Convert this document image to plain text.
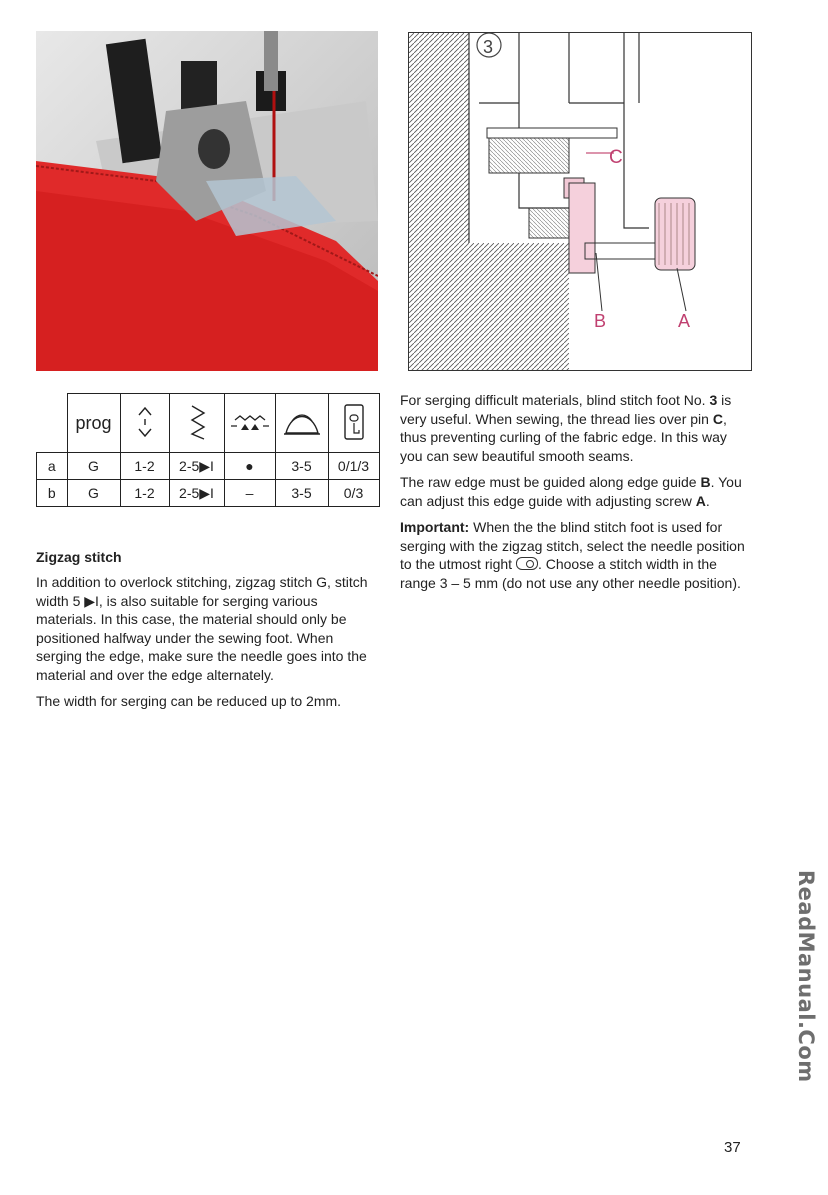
3
C
B	A
	prog					
a	G	1-2	2-5▶I	●	3-5	0/1/3
b	G	1-2	2-5▶I	–	3-5	0/3
Zigzag stitch

In addition to overlock stitching, zigzag stitch G, stitch width 5 ▶I, is also suitable for serging various materials. In this case, the material should only be positioned halfway under the sewing foot. When serging the edge, make sure the needle goes into the material and over the edge alternately.

The width for serging can be reduced up to 2mm.

For serging difficult materials, blind stitch foot No. 3 is very useful. When sewing, the thread lies over pin C, thus preventing curling of the fabric edge. In this way you can sew beautiful smooth seams.

The raw edge must be guided along edge guide B. You can adjust this edge guide with adjusting screw A.

Important: When the the blind stitch foot is used for serging with the zigzag stitch, select the needle position to the utmost right . Choose a stitch width in the range 3 – 5 mm (do not use any other needle position).

ReadManual.Com
37
